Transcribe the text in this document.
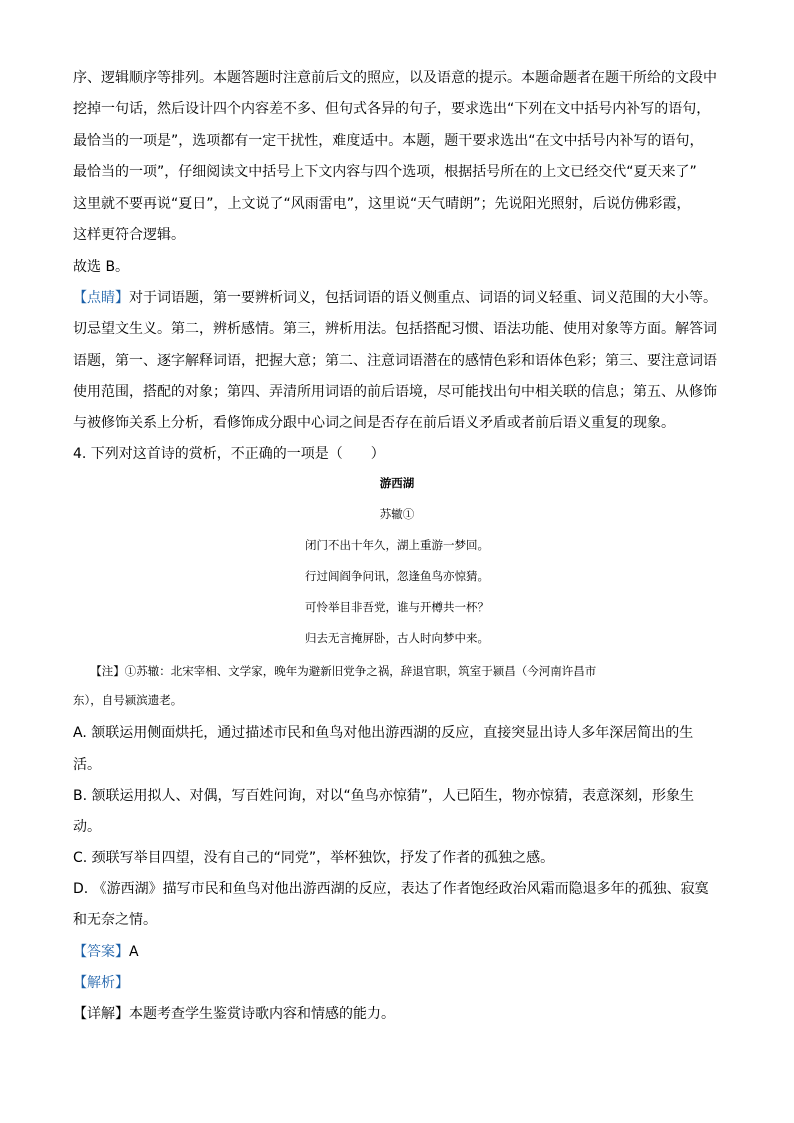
序、逻辑顺序等排列。本题答题时注意前后文的照应，以及语意的提示。本题命题者在题干所给的文段中
挖掉一句话，然后设计四个内容差不多、但句式各异的句子，要求选出“下列在文中括号内补写的语句，
最恰当的一项是”，选项都有一定干扰性，难度适中。本题，题干要求选出“在文中括号内补写的语句，
最恰当的一项”，仔细阅读文中括号上下文内容与四个选项，根据括号所在的上文已经交代“夏天来了”
这里就不要再说“夏日”，上文说了“风雨雷电”，这里说“天气晴朗”；先说阳光照射，后说仿佛彩霞，
这样更符合逻辑。
故选 B。
【点睛】对于词语题，第一要辨析词义，包括词语的语义侧重点、词语的词义轻重、词义范围的大小等。
切忌望文生义。第二，辨析感情。第三，辨析用法。包括搭配习惯、语法功能、使用对象等方面。解答词
语题，第一、逐字解释词语，把握大意；第二、注意词语潜在的感情色彩和语体色彩；第三、要注意词语
使用范围，搭配的对象；第四、弄清所用词语的前后语境，尽可能找出句中相关联的信息；第五、从修饰
与被修饰关系上分析，看修饰成分跟中心词之间是否存在前后语义矛盾或者前后语义重复的现象。
4. 下列对这首诗的赏析，不正确的一项是（　　）
游西湖
苏辙①
闭门不出十年久，湖上重游一梦回。
行过闾阎争问讯，忽逢鱼鸟亦惊猜。
可怜举目非吾党，谁与开樽共一杯？
归去无言掩屏卧，古人时向梦中来。
　　【注】①苏辙：北宋宰相、文学家，晚年为避新旧党争之祸，辞退官职，筑室于颍昌（今河南许昌市
东），自号颍滨遗老。
A. 颔联运用侧面烘托，通过描述市民和鱼鸟对他出游西湖的反应，直接突显出诗人多年深居简出的生
活。
B. 颔联运用拟人、对偶，写百姓问询，对以“鱼鸟亦惊猜”，人已陌生，物亦惊猜，表意深刻，形象生
动。
C. 颈联写举目四望，没有自己的“同党”，举杯独饮，抒发了作者的孤独之感。
D. 《游西湖》描写市民和鱼鸟对他出游西湖的反应，表达了作者饱经政治风霜而隐退多年的孤独、寂寞
和无奈之情。
【答案】A
【解析】
【详解】本题考查学生鉴赏诗歌内容和情感的能力。
